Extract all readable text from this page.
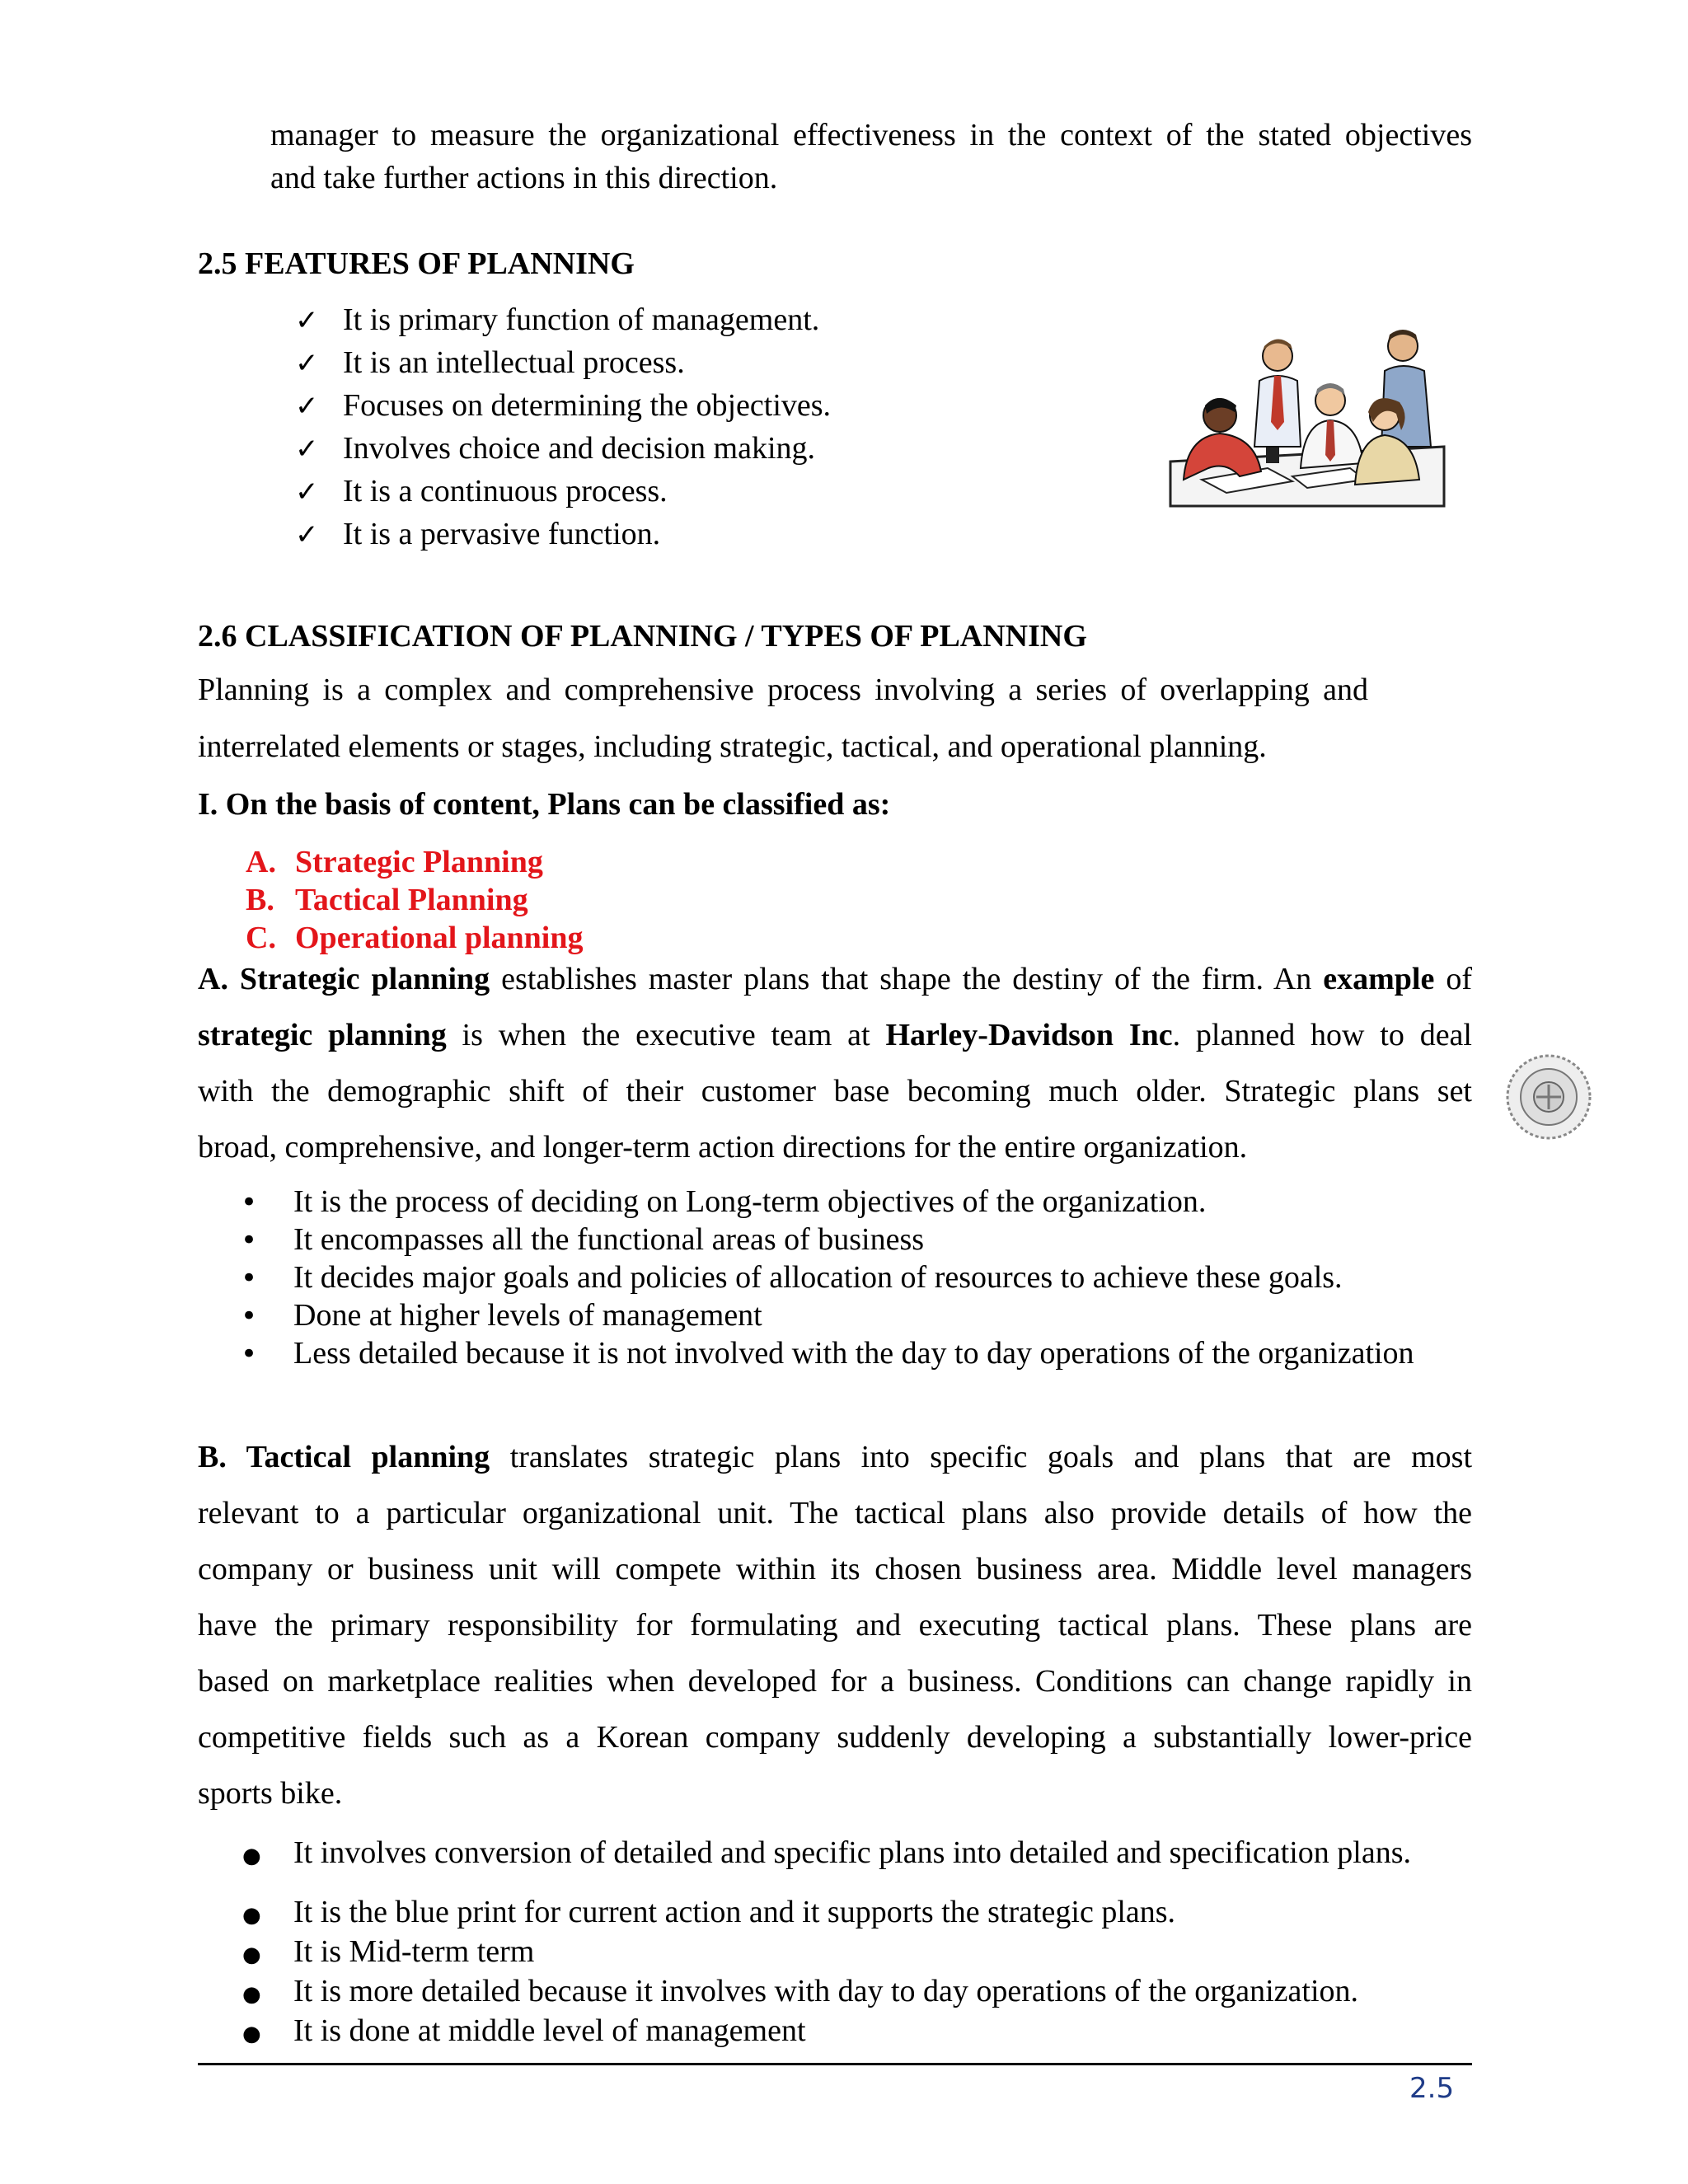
manager to measure the organizational effectiveness in the context of the stated objectives
and take further actions in this direction.
2.5 FEATURES OF PLANNING
✓ It is primary function of management.
✓ It is an intellectual process.
✓ Focuses on determining the objectives.
✓ Involves choice and decision making.
✓ It is a continuous process.
✓ It is a pervasive function.
2.6 CLASSIFICATION OF PLANNING / TYPES OF PLANNING
Planning is a complex and comprehensive process involving a series of overlapping and
interrelated elements or stages, including strategic, tactical, and operational planning.
I. On the basis of content, Plans can be classified as:
A. Strategic Planning
B. Tactical Planning
C. Operational planning
A. Strategic planning establishes master plans that shape the destiny of the firm. An example of
strategic planning is when the executive team at Harley-Davidson Inc. planned how to deal
with the demographic shift of their customer base becoming much older. Strategic plans set
broad, comprehensive, and longer-term action directions for the entire organization.
• It is the process of deciding on Long-term objectives of the organization.
• It encompasses all the functional areas of business
• It decides major goals and policies of allocation of resources to achieve these goals.
• Done at higher levels of management
• Less detailed because it is not involved with the day to day operations of the organization
B. Tactical planning translates strategic plans into specific goals and plans that are most
relevant to a particular organizational unit. The tactical plans also provide details of how the
company or business unit will compete within its chosen business area. Middle level managers
have the primary responsibility for formulating and executing tactical plans. These plans are
based on marketplace realities when developed for a business. Conditions can change rapidly in
competitive fields such as a Korean company suddenly developing a substantially lower-price
sports bike.
● It involves conversion of detailed and specific plans into detailed and specification plans.
● It is the blue print for current action and it supports the strategic plans.
● It is Mid-term term
● It is more detailed because it involves with day to day operations of the organization.
● It is done at middle level of management
2.5
